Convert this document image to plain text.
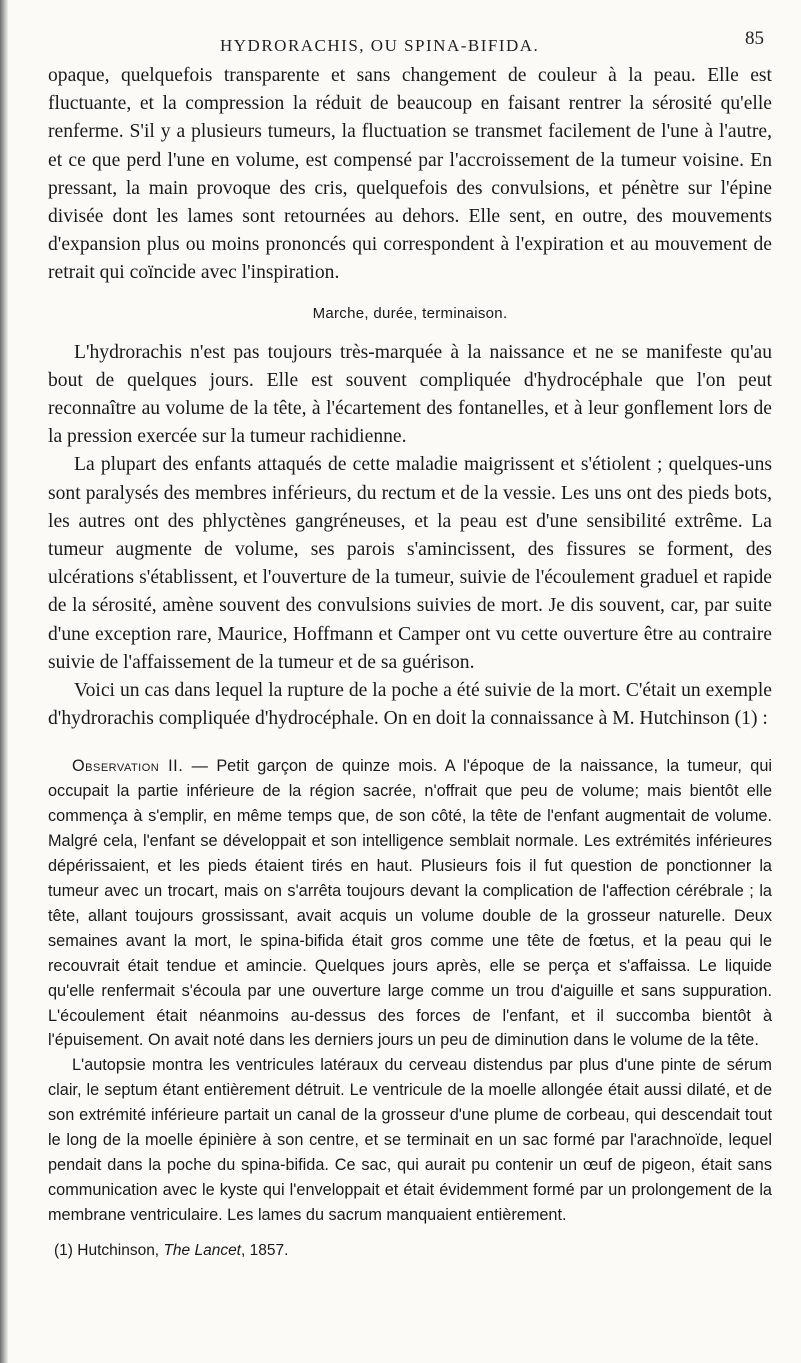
HYDRORACHIS, OU SPINA-BIFIDA.	85

opaque, quelquefois transparente et sans changement de couleur à la peau. Elle est fluctuante, et la compression la réduit de beaucoup en faisant rentrer la sérosité qu'elle renferme. S'il y a plusieurs tumeurs, la fluctuation se transmet facilement de l'une à l'autre, et ce que perd l'une en volume, est compensé par l'accroissement de la tumeur voisine. En pressant, la main provoque des cris, quelquefois des convulsions, et pénètre sur l'épine divisée dont les lames sont retournées au dehors. Elle sent, en outre, des mouvements d'expansion plus ou moins prononcés qui correspondent à l'expiration et au mouvement de retrait qui coïncide avec l'inspiration.

Marche, durée, terminaison.

L'hydrorachis n'est pas toujours très-marquée à la naissance et ne se manifeste qu'au bout de quelques jours. Elle est souvent compliquée d'hydrocéphale que l'on peut reconnaître au volume de la tête, à l'écartement des fontanelles, et à leur gonflement lors de la pression exercée sur la tumeur rachidienne.

La plupart des enfants attaqués de cette maladie maigrissent et s'étiolent ; quelques-uns sont paralysés des membres inférieurs, du rectum et de la vessie. Les uns ont des pieds bots, les autres ont des phlyctènes gangréneuses, et la peau est d'une sensibilité extrême. La tumeur augmente de volume, ses parois s'amincissent, des fissures se forment, des ulcérations s'établissent, et l'ouverture de la tumeur, suivie de l'écoulement graduel et rapide de la sérosité, amène souvent des convulsions suivies de mort. Je dis souvent, car, par suite d'une exception rare, Maurice, Hoffmann et Camper ont vu cette ouverture être au contraire suivie de l'affaissement de la tumeur et de sa guérison.

Voici un cas dans lequel la rupture de la poche a été suivie de la mort. C'était un exemple d'hydrorachis compliquée d'hydrocéphale. On en doit la connaissance à M. Hutchinson (1) :

Observation II. — Petit garçon de quinze mois. A l'époque de la naissance, la tumeur, qui occupait la partie inférieure de la région sacrée, n'offrait que peu de volume; mais bientôt elle commença à s'emplir, en même temps que, de son côté, la tête de l'enfant augmentait de volume. Malgré cela, l'enfant se développait et son intelligence semblait normale. Les extrémités inférieures dépérissaient, et les pieds étaient tirés en haut. Plusieurs fois il fut question de ponctionner la tumeur avec un trocart, mais on s'arrêta toujours devant la complication de l'affection cérébrale ; la tête, allant toujours grossissant, avait acquis un volume double de la grosseur naturelle. Deux semaines avant la mort, le spina-bifida était gros comme une tête de fœtus, et la peau qui le recouvrait était tendue et amincie. Quelques jours après, elle se perça et s'affaissa. Le liquide qu'elle renfermait s'écoula par une ouverture large comme un trou d'aiguille et sans suppuration. L'écoulement était néanmoins au-dessus des forces de l'enfant, et il succomba bientôt à l'épuisement. On avait noté dans les derniers jours un peu de diminution dans le volume de la tête.

L'autopsie montra les ventricules latéraux du cerveau distendus par plus d'une pinte de sérum clair, le septum étant entièrement détruit. Le ventricule de la moelle allongée était aussi dilaté, et de son extrémité inférieure partait un canal de la grosseur d'une plume de corbeau, qui descendait tout le long de la moelle épinière à son centre, et se terminait en un sac formé par l'arachnoïde, lequel pendait dans la poche du spina-bifida. Ce sac, qui aurait pu contenir un œuf de pigeon, était sans communication avec le kyste qui l'enveloppait et était évidemment formé par un prolongement de la membrane ventriculaire. Les lames du sacrum manquaient entièrement.

(1) Hutchinson, The Lancet, 1857.
